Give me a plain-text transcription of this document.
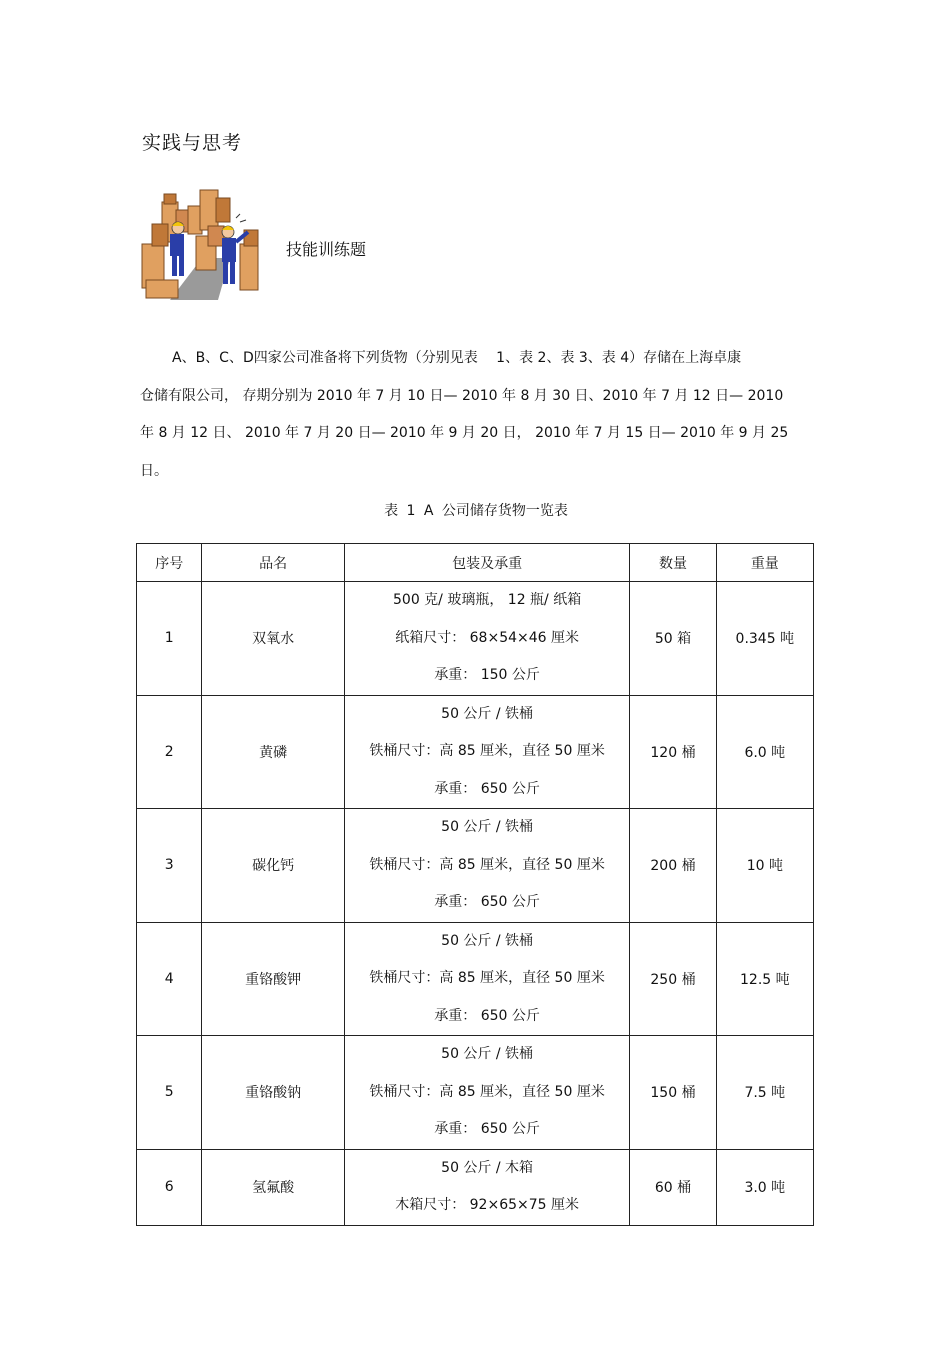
实践与思考
技能训练题
A、B、C、D四家公司准备将下列货物（分别见表　 1、表 2、表 3、表 4）存储在上海卓康
仓储有限公司， 存期分别为 2010 年 7 月 10 日— 2010 年 8 月 30 日、2010 年 7 月 12 日— 2010
年 8 月 12 日、 2010 年 7 月 20 日— 2010 年 9 月 20 日， 2010 年 7 月 15 日— 2010 年 9 月 25
日。
表 1 A 公司储存货物一览表
序号	品名	包装及承重	数量	重量
1	双氧水	500 克/ 玻璃瓶， 12 瓶/ 纸箱
纸箱尺寸： 68×54×46 厘米
承重： 150 公斤	50 箱	0.345 吨
2	黄磷	50 公斤 / 铁桶
铁桶尺寸：高 85 厘米，直径 50 厘米
承重： 650 公斤	120 桶	6.0 吨
3	碳化钙	50 公斤 / 铁桶
铁桶尺寸：高 85 厘米，直径 50 厘米
承重： 650 公斤	200 桶	10 吨
4	重铬酸钾	50 公斤 / 铁桶
铁桶尺寸：高 85 厘米，直径 50 厘米
承重： 650 公斤	250 桶	12.5 吨
5	重铬酸钠	50 公斤 / 铁桶
铁桶尺寸：高 85 厘米，直径 50 厘米
承重： 650 公斤	150 桶	7.5 吨
6	氢氟酸	50 公斤 / 木箱
木箱尺寸： 92×65×75 厘米	60 桶	3.0 吨
